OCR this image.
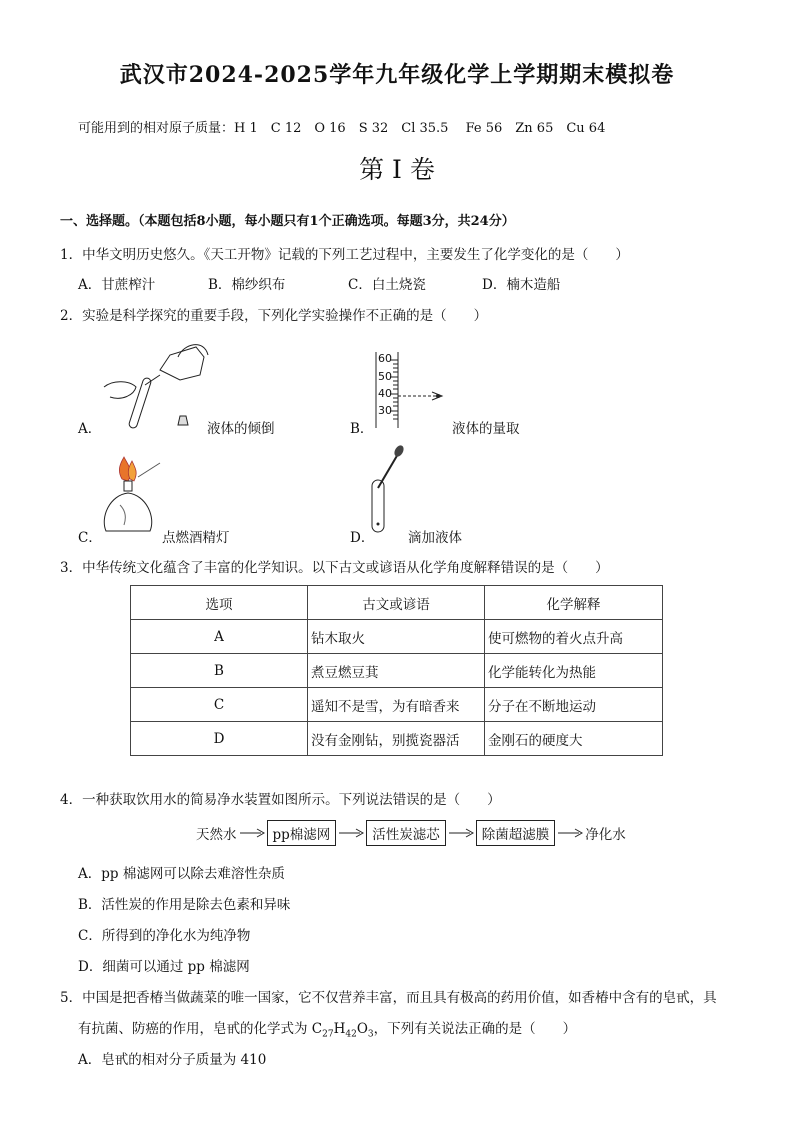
武汉市2024-2025学年九年级化学上学期期末模拟卷
可能用到的相对原子质量：H 1　C 12　O 16　S 32　Cl 35.5　 Fe 56　Zn 65　Cu 64
第 I 卷
一、选择题。（本题包括8小题，每小题只有1个正确选项。每题3分，共24分）
1．中华文明历史悠久。《天工开物》记载的下列工艺过程中，主要发生了化学变化的是（　　）
A．甘蔗榨汁	B．棉纱织布	C．白土烧瓷	D．楠木造船
2．实验是科学探究的重要手段，下列化学实验操作不正确的是（　　）
A．	液体的倾倒
60
50
40
30
B．	液体的量取
C．	点燃酒精灯	D． 滴加液体
3．中华传统文化蕴含了丰富的化学知识。以下古文或谚语从化学角度解释错误的是（　　）
选项	古文或谚语	化学解释
A	钻木取火	使可燃物的着火点升高
B	煮豆燃豆萁	化学能转化为热能
C	遥知不是雪，为有暗香来	分子在不断地运动
D	没有金刚钻，别揽瓷器活	金刚石的硬度大
4．一种获取饮用水的简易净水装置如图所示。下列说法错误的是（　　）
天然水	pp棉滤网	活性炭滤芯	除菌超滤膜	净化水
A．pp 棉滤网可以除去难溶性杂质
B．活性炭的作用是除去色素和异味
C．所得到的净化水为纯净物
D．细菌可以通过 pp 棉滤网
5．中国是把香椿当做蔬菜的唯一国家，它不仅营养丰富，而且具有极高的药用价值，如香椿中含有的皂甙，具
有抗菌、防癌的作用，皂甙的化学式为 $C_{27}H_{42}O_3$，下列有关说法正确的是（　　）
A．皂甙的相对分子质量为 410
